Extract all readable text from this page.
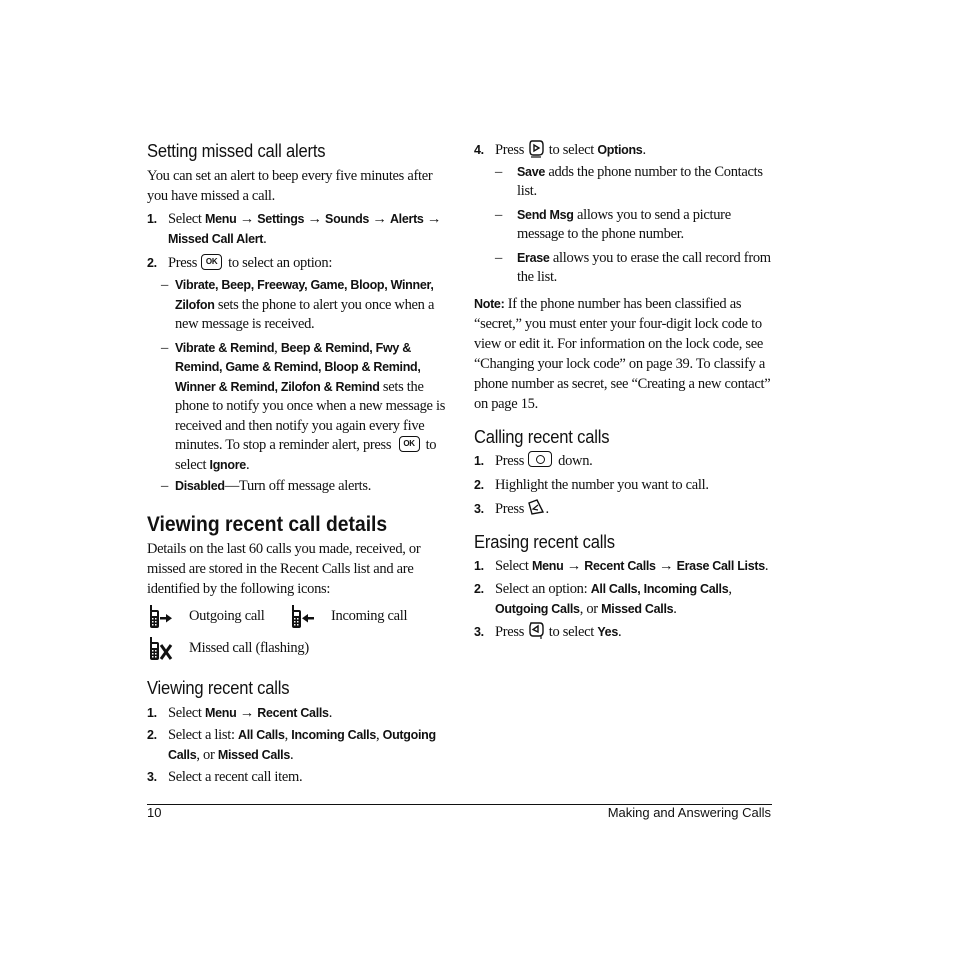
Setting missed call alerts

You can set an alert to beep every five minutes after you have missed a call.

1. Select Menu → Settings → Sounds → Alerts → Missed Call Alert.
2. Press OK to select an option:
– Vibrate, Beep, Freeway, Game, Bloop, Winner, Zilofon sets the phone to alert you once when a new message is received.
– Vibrate & Remind, Beep & Remind, Fwy & Remind, Game & Remind, Bloop & Remind, Winner & Remind, Zilofon & Remind sets the phone to notify you once when a new message is received and then notify you again every five minutes. To stop a reminder alert, press OK to select Ignore.
– Disabled—Turn off message alerts.
Viewing recent call details

Details on the last 60 calls you made, received, or missed are stored in the Recent Calls list and are identified by the following icons:

Outgoing call	Incoming call
Missed call (flashing)
Viewing recent calls
1. Select Menu → Recent Calls.
2. Select a list: All Calls, Incoming Calls, Outgoing Calls, or Missed Calls.
3. Select a recent call item.
4. Press to select Options.
– Save adds the phone number to the Contacts list.
– Send Msg allows you to send a picture message to the phone number.
– Erase allows you to erase the call record from the list.

Note: If the phone number has been classified as “secret,” you must enter your four-digit lock code to view or edit it. For information on the lock code, see “Changing your lock code” on page 39. To classify a phone number as secret, see “Creating a new contact” on page 15.

Calling recent calls
1. Press down.
2. Highlight the number you want to call.
3. Press .
Erasing recent calls
1. Select Menu → Recent Calls → Erase Call Lists.
2. Select an option: All Calls, Incoming Calls, Outgoing Calls, or Missed Calls.
3. Press to select Yes.
10	Making and Answering Calls
